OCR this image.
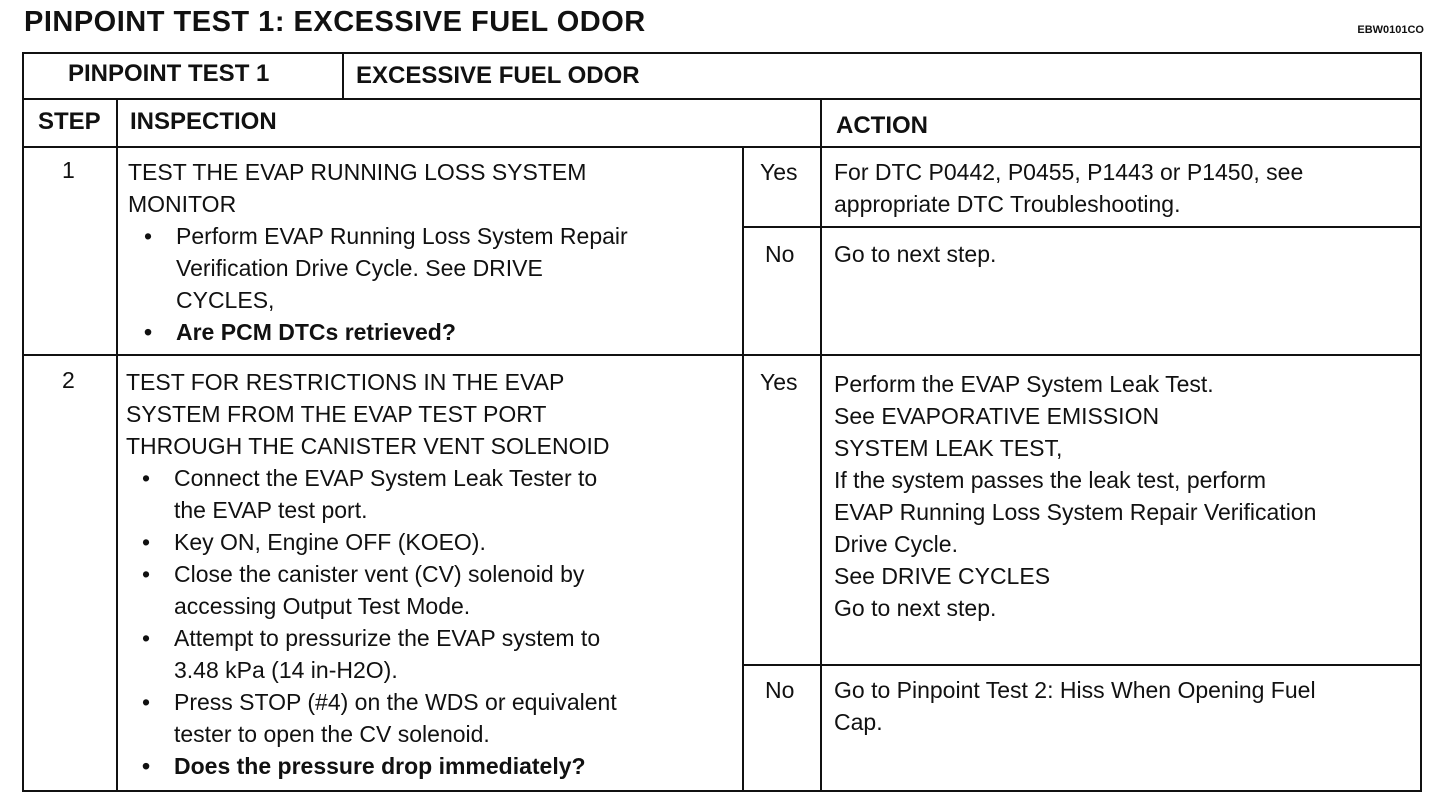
PINPOINT TEST 1: EXCESSIVE FUEL ODOR	EBW0101CO
PINPOINT TEST 1	EXCESSIVE FUEL ODOR
STEP INSPECTION	ACTION
1 TEST THE EVAP RUNNING LOSS SYSTEM
MONITOR
• Perform EVAP Running Loss System Repair
Verification Drive Cycle. See DRIVE
CYCLES,
• Are PCM DTCs retrieved?
Yes For DTC P0442, P0455, P1443 or P1450, see
appropriate DTC Troubleshooting.
No Go to next step.
2 TEST FOR RESTRICTIONS IN THE EVAP
SYSTEM FROM THE EVAP TEST PORT
THROUGH THE CANISTER VENT SOLENOID
• Connect the EVAP System Leak Tester to
the EVAP test port.
• Key ON, Engine OFF (KOEO).
• Close the canister vent (CV) solenoid by
accessing Output Test Mode.
• Attempt to pressurize the EVAP system to
3.48 kPa (14 in-H2O).
• Press STOP (#4) on the WDS or equivalent
tester to open the CV solenoid.
• Does the pressure drop immediately?
Yes Perform the EVAP System Leak Test.
See EVAPORATIVE EMISSION
SYSTEM LEAK TEST,
If the system passes the leak test, perform
EVAP Running Loss System Repair Verification
Drive Cycle.
See DRIVE CYCLES
Go to next step.
No Go to Pinpoint Test 2: Hiss When Opening Fuel
Cap.
